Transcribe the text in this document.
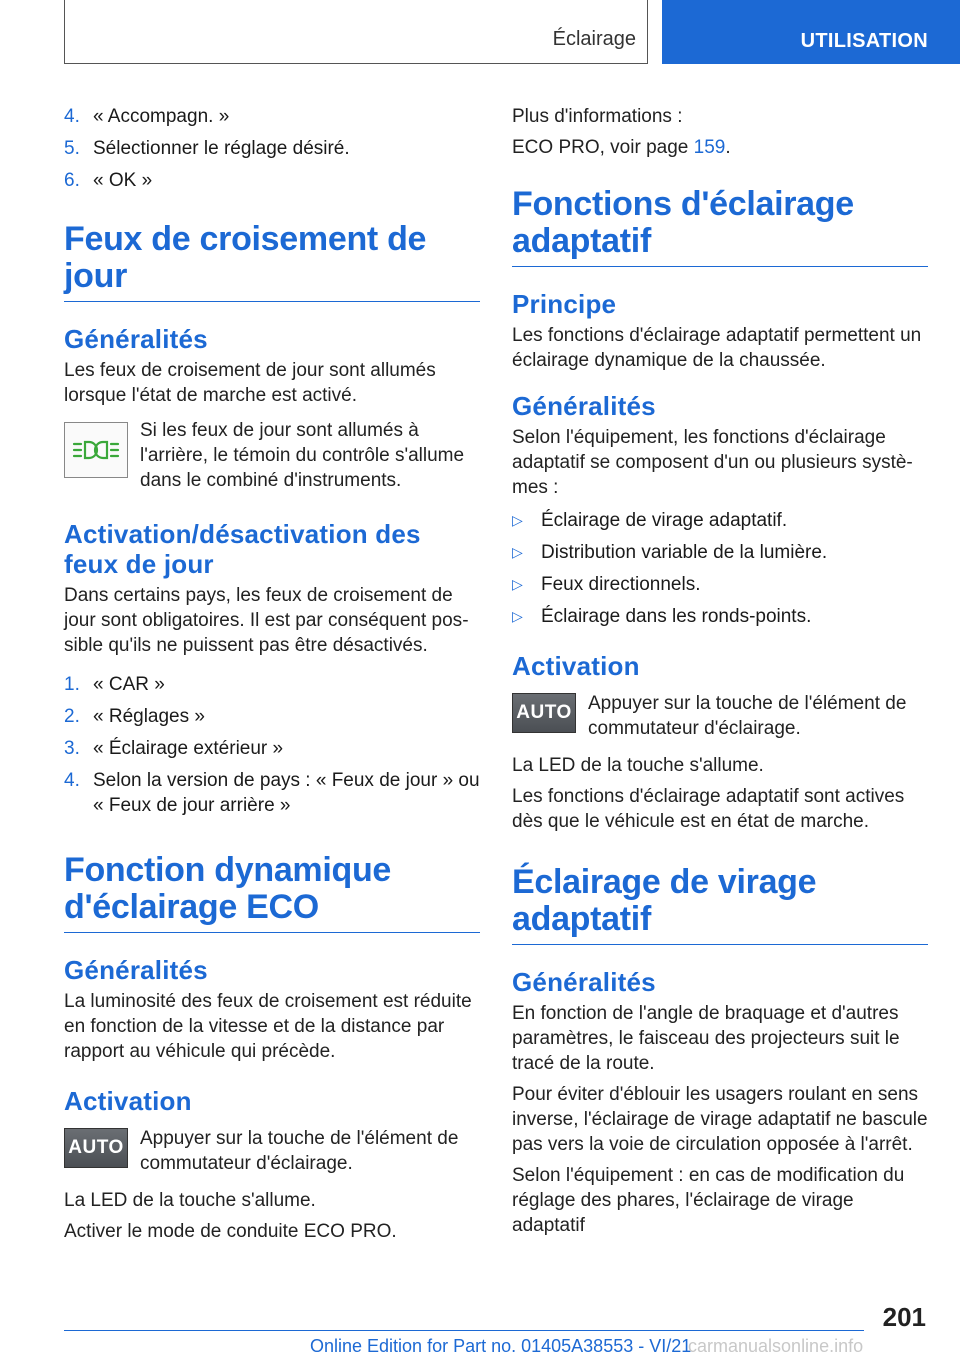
Éclairage	UTILISATION
4. « Accompagn. »
5. Sélectionner le réglage désiré.
6. « OK »
Feux de croisement de jour
Généralités

Les feux de croisement de jour sont allumés lorsque l'état de marche est activé.

Si les feux de jour sont allumés à l'arrière, le témoin du contrôle s'allume dans le combiné d'instruments.
Activation/désactivation des feux de jour

Dans certains pays, les feux de croisement de jour sont obligatoires. Il est par conséquent possible qu'ils ne puissent pas être désactivés.

1. « CAR »
2. « Réglages »
3. « Éclairage extérieur »
4. Selon la version de pays : « Feux de jour » ou « Feux de jour arrière »
Fonction dynamique d'éclairage ECO
Généralités

La luminosité des feux de croisement est réduite en fonction de la vitesse et de la distance par rapport au véhicule qui précède.

Activation
AUTO Appuyer sur la touche de l'élément de commutateur d'éclairage.

La LED de la touche s'allume.

Activer le mode de conduite ECO PRO.

Plus d'informations :

ECO PRO, voir page 159.

Fonctions d'éclairage adaptatif
Principe

Les fonctions d'éclairage adaptatif permettent un éclairage dynamique de la chaussée.

Généralités

Selon l'équipement, les fonctions d'éclairage adaptatif se composent d'un ou plusieurs systèmes :

▷ Éclairage de virage adaptatif.
▷ Distribution variable de la lumière.
▷ Feux directionnels.
▷ Éclairage dans les ronds-points.
Activation
AUTO Appuyer sur la touche de l'élément de commutateur d'éclairage.

La LED de la touche s'allume.

Les fonctions d'éclairage adaptatif sont actives dès que le véhicule est en état de marche.

Éclairage de virage adaptatif
Généralités

En fonction de l'angle de braquage et d'autres paramètres, le faisceau des projecteurs suit le tracé de la route.

Pour éviter d'éblouir les usagers roulant en sens inverse, l'éclairage de virage adaptatif ne bascule pas vers la voie de circulation opposée à l'arrêt.

Selon l'équipement : en cas de modification du réglage des phares, l'éclairage de virage adaptatif

201
Online Edition for Part no. 01405A38553 - VI/21
carmanualsonline.info
